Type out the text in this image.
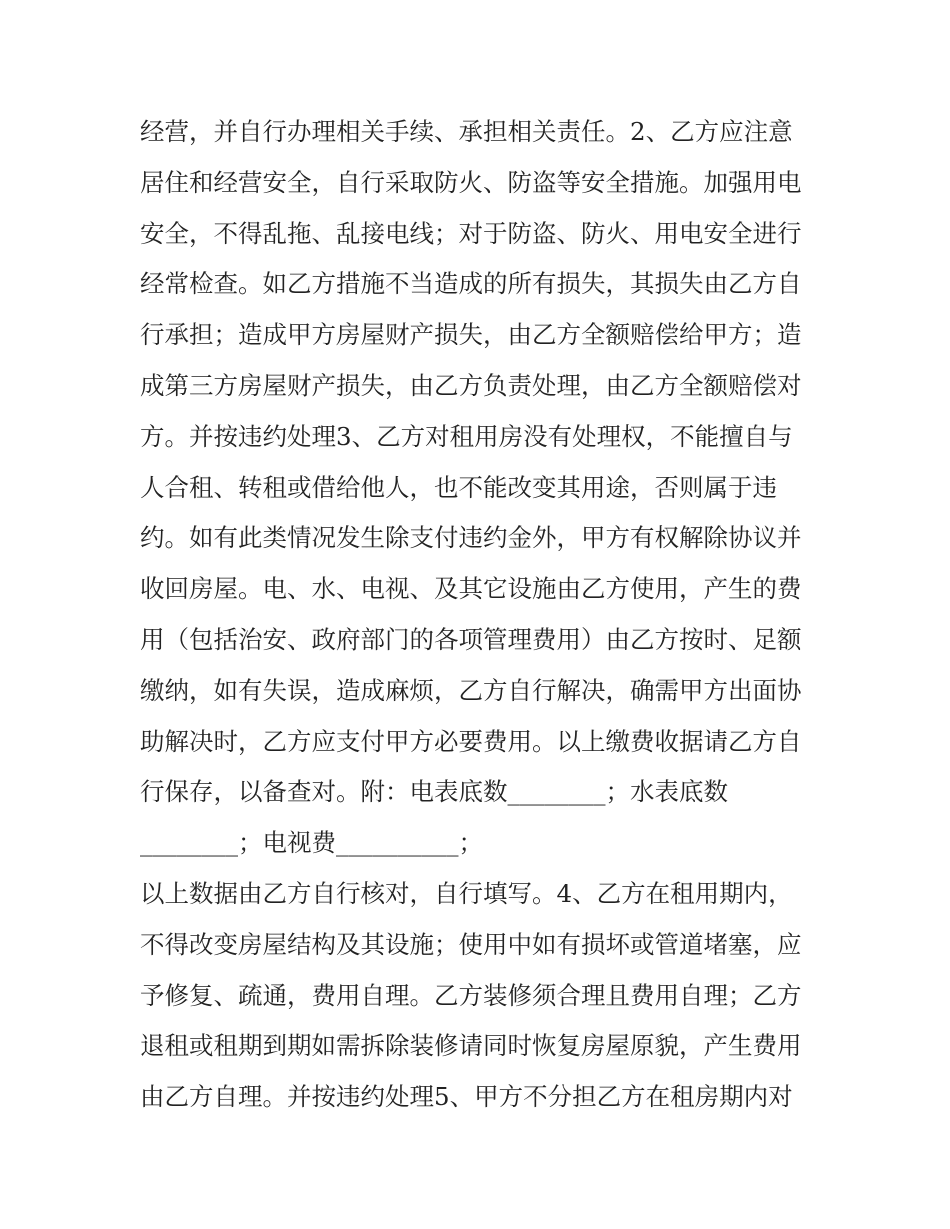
经营，并自行办理相关手续、承担相关责任。2、乙方应注意
居住和经营安全，自行采取防火、防盗等安全措施。加强用电
安全，不得乱拖、乱接电线；对于防盗、防火、用电安全进行
经常检查。如乙方措施不当造成的所有损失，其损失由乙方自
行承担；造成甲方房屋财产损失，由乙方全额赔偿给甲方；造
成第三方房屋财产损失，由乙方负责处理，由乙方全额赔偿对
方。并按违约处理3、乙方对租用房没有处理权，不能擅自与
人合租、转租或借给他人，也不能改变其用途，否则属于违
约。如有此类情况发生除支付违约金外，甲方有权解除协议并
收回房屋。电、水、电视、及其它设施由乙方使用，产生的费
用（包括治安、政府部门的各项管理费用）由乙方按时、足额
缴纳，如有失误，造成麻烦，乙方自行解决，确需甲方出面协
助解决时，乙方应支付甲方必要费用。以上缴费收据请乙方自
行保存，以备查对。附：电表底数________；水表底数
________；电视费__________；
以上数据由乙方自行核对，自行填写。4、乙方在租用期内，
不得改变房屋结构及其设施；使用中如有损坏或管道堵塞，应
予修复、疏通，费用自理。乙方装修须合理且费用自理；乙方
退租或租期到期如需拆除装修请同时恢复房屋原貌，产生费用
由乙方自理。并按违约处理5、甲方不分担乙方在租房期内对
